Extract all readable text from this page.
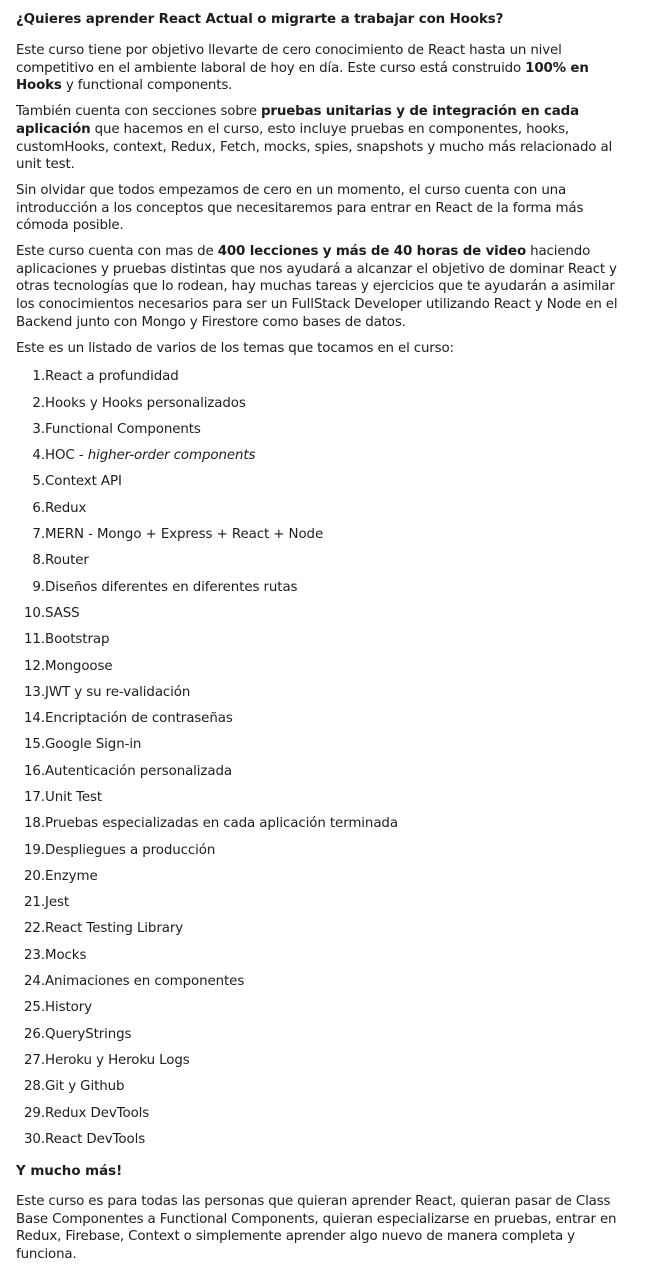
¿Quieres aprender React Actual o migrarte a trabajar con Hooks?

Este curso tiene por objetivo llevarte de cero conocimiento de React hasta un nivel competitivo en el ambiente laboral de hoy en día. Este curso está construido 100% en Hooks y functional components.

También cuenta con secciones sobre pruebas unitarias y de integración en cada aplicación que hacemos en el curso, esto incluye pruebas en componentes, hooks, customHooks, context, Redux, Fetch, mocks, spies, snapshots y mucho más relacionado al unit test.

Sin olvidar que todos empezamos de cero en un momento, el curso cuenta con una introducción a los conceptos que necesitaremos para entrar en React de la forma más cómoda posible.

Este curso cuenta con mas de 400 lecciones y más de 40 horas de video haciendo aplicaciones y pruebas distintas que nos ayudará a alcanzar el objetivo de dominar React y otras tecnologías que lo rodean, hay muchas tareas y ejercicios que te ayudarán a asimilar los conocimientos necesarios para ser un FullStack Developer utilizando React y Node en el Backend junto con Mongo y Firestore como bases de datos.

Este es un listado de varios de los temas que tocamos en el curso:

1. React a profundidad
2. Hooks y Hooks personalizados
3. Functional Components
4. HOC - higher-order components
5. Context API
6. Redux
7. MERN - Mongo + Express + React + Node
8. Router
9. Diseños diferentes en diferentes rutas
10. SASS
11. Bootstrap
12. Mongoose
13. JWT y su re-validación
14. Encriptación de contraseñas
15. Google Sign-in
16. Autenticación personalizada
17. Unit Test
18. Pruebas especializadas en cada aplicación terminada
19. Despliegues a producción
20. Enzyme
21. Jest
22. React Testing Library
23. Mocks
24. Animaciones en componentes
25. History
26. QueryStrings
27. Heroku y Heroku Logs
28. Git y Github
29. Redux DevTools
30. React DevTools
Y mucho más!

Este curso es para todas las personas que quieran aprender React, quieran pasar de Class Base Componentes a Functional Components, quieran especializarse en pruebas, entrar en Redux, Firebase, Context o simplemente aprender algo nuevo de manera completa y funciona.
